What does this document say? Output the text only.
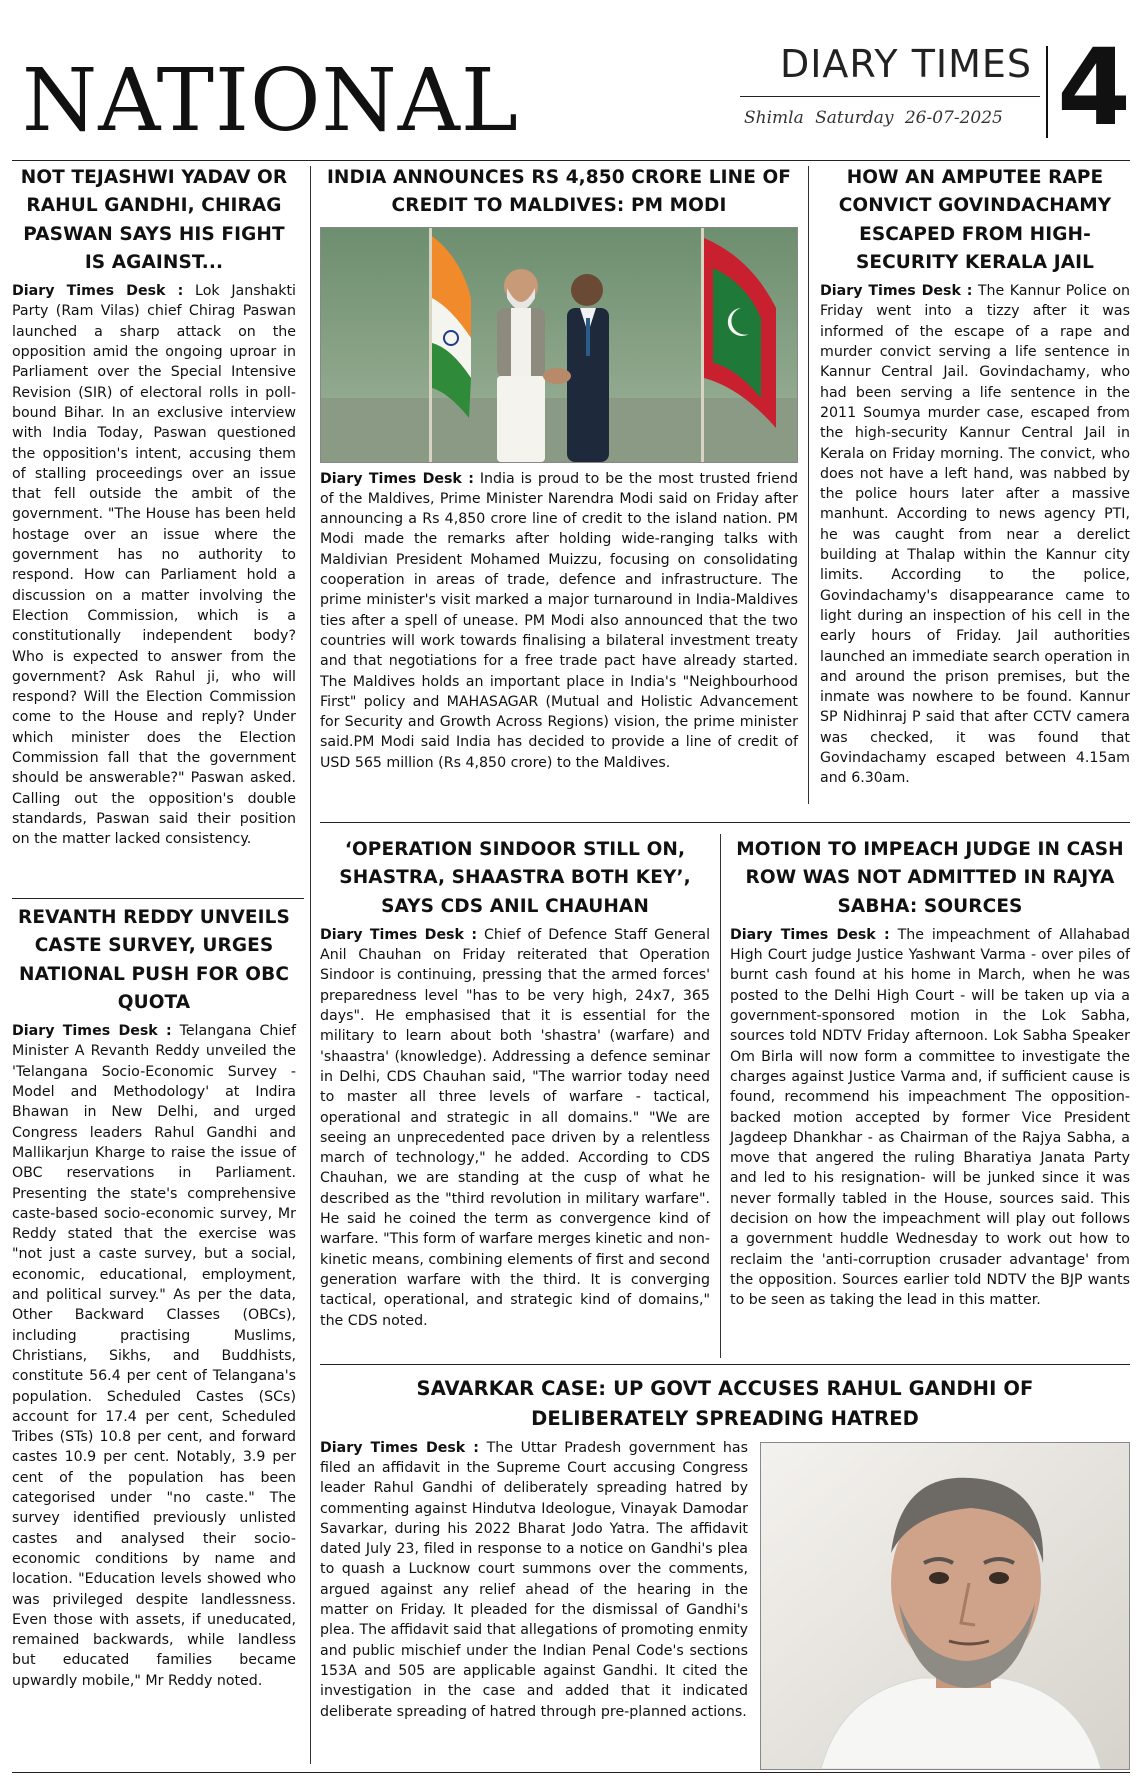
NATIONAL	DIARY TIMES
Shimla Saturday 26-07-2025 4
NOT TEJASHWI YADAV OR RAHUL GANDHI, CHIRAG PASWAN SAYS HIS FIGHT IS AGAINST...
Diary Times Desk : Lok Janshakti Party (Ram Vilas) chief Chirag Paswan launched a sharp attack on the opposition amid the ongoing uproar in Parliament over the Special Intensive Revision (SIR) of electoral rolls in poll-bound Bihar. In an exclusive interview with India Today, Paswan questioned the opposition's intent, accusing them of stalling proceedings over an issue that fell outside the ambit of the government. "The House has been held hostage over an issue where the government has no authority to respond. How can Parliament hold a discussion on a matter involving the Election Commission, which is a constitutionally independent body? Who is expected to answer from the government? Ask Rahul ji, who will respond? Will the Election Commission come to the House and reply? Under which minister does the Election Commission fall that the government should be answerable?" Paswan asked. Calling out the opposition's double standards, Paswan said their position on the matter lacked consistency.
REVANTH REDDY UNVEILS CASTE SURVEY, URGES NATIONAL PUSH FOR OBC QUOTA
Diary Times Desk : Telangana Chief Minister A Revanth Reddy unveiled the 'Telangana Socio-Economic Survey - Model and Methodology' at Indira Bhawan in New Delhi, and urged Congress leaders Rahul Gandhi and Mallikarjun Kharge to raise the issue of OBC reservations in Parliament. Presenting the state's comprehensive caste-based socio-economic survey, Mr Reddy stated that the exercise was "not just a caste survey, but a social, economic, educational, employment, and political survey." As per the data, Other Backward Classes (OBCs), including practising Muslims, Christians, Sikhs, and Buddhists, constitute 56.4 per cent of Telangana's population. Scheduled Castes (SCs) account for 17.4 per cent, Scheduled Tribes (STs) 10.8 per cent, and forward castes 10.9 per cent. Notably, 3.9 per cent of the population has been categorised under "no caste." The survey identified previously unlisted castes and analysed their socio-economic conditions by name and location. "Education levels showed who was privileged despite landlessness. Even those with assets, if uneducated, remained backwards, while landless but educated families became upwardly mobile," Mr Reddy noted.
INDIA ANNOUNCES RS 4,850 CRORE LINE OF CREDIT TO MALDIVES: PM MODI
Diary Times Desk : India is proud to be the most trusted friend of the Maldives, Prime Minister Narendra Modi said on Friday after announcing a Rs 4,850 crore line of credit to the island nation. PM Modi made the remarks after holding wide-ranging talks with Maldivian President Mohamed Muizzu, focusing on consolidating cooperation in areas of trade, defence and infrastructure. The prime minister's visit marked a major turnaround in India-Maldives ties after a spell of unease. PM Modi also announced that the two countries will work towards finalising a bilateral investment treaty and that negotiations for a free trade pact have already started. The Maldives holds an important place in India's "Neighbourhood First" policy and MAHASAGAR (Mutual and Holistic Advancement for Security and Growth Across Regions) vision, the prime minister said.PM Modi said India has decided to provide a line of credit of USD 565 million (Rs 4,850 crore) to the Maldives.
HOW AN AMPUTEE RAPE CONVICT GOVINDACHAMY ESCAPED FROM HIGH-SECURITY KERALA JAIL
Diary Times Desk : The Kannur Police on Friday went into a tizzy after it was informed of the escape of a rape and murder convict serving a life sentence in Kannur Central Jail. Govindachamy, who had been serving a life sentence in the 2011 Soumya murder case, escaped from the high-security Kannur Central Jail in Kerala on Friday morning. The convict, who does not have a left hand, was nabbed by the police hours later after a massive manhunt. According to news agency PTI, he was caught from near a derelict building at Thalap within the Kannur city limits. According to the police, Govindachamy's disappearance came to light during an inspection of his cell in the early hours of Friday. Jail authorities launched an immediate search operation in and around the prison premises, but the inmate was nowhere to be found. Kannur SP Nidhinraj P said that after CCTV camera was checked, it was found that Govindachamy escaped between 4.15am and 6.30am.
‘OPERATION SINDOOR STILL ON, SHASTRA, SHAASTRA BOTH KEY’, SAYS CDS ANIL CHAUHAN
Diary Times Desk : Chief of Defence Staff General Anil Chauhan on Friday reiterated that Operation Sindoor is continuing, pressing that the armed forces' preparedness level "has to be very high, 24x7, 365 days". He emphasised that it is essential for the military to learn about both 'shastra' (warfare) and 'shaastra' (knowledge). Addressing a defence seminar in Delhi, CDS Chauhan said, "The warrior today need to master all three levels of warfare - tactical, operational and strategic in all domains." "We are seeing an unprecedented pace driven by a relentless march of technology," he added. According to CDS Chauhan, we are standing at the cusp of what he described as the "third revolution in military warfare". He said he coined the term as convergence kind of warfare. "This form of warfare merges kinetic and non-kinetic means, combining elements of first and second generation warfare with the third. It is converging tactical, operational, and strategic kind of domains," the CDS noted.
MOTION TO IMPEACH JUDGE IN CASH ROW WAS NOT ADMITTED IN RAJYA SABHA: SOURCES
Diary Times Desk : The impeachment of Allahabad High Court judge Justice Yashwant Varma - over piles of burnt cash found at his home in March, when he was posted to the Delhi High Court - will be taken up via a government-sponsored motion in the Lok Sabha, sources told NDTV Friday afternoon. Lok Sabha Speaker Om Birla will now form a committee to investigate the charges against Justice Varma and, if sufficient cause is found, recommend his impeachment The opposition-backed motion accepted by former Vice President Jagdeep Dhankhar - as Chairman of the Rajya Sabha, a move that angered the ruling Bharatiya Janata Party and led to his resignation- will be junked since it was never formally tabled in the House, sources said. This decision on how the impeachment will play out follows a government huddle Wednesday to work out how to reclaim the 'anti-corruption crusader advantage' from the opposition. Sources earlier told NDTV the BJP wants to be seen as taking the lead in this matter.
SAVARKAR CASE: UP GOVT ACCUSES RAHUL GANDHI OF DELIBERATELY SPREADING HATRED
Diary Times Desk : The Uttar Pradesh government has filed an affidavit in the Supreme Court accusing Congress leader Rahul Gandhi of deliberately spreading hatred by commenting against Hindutva Ideologue, Vinayak Damodar Savarkar, during his 2022 Bharat Jodo Yatra. The affidavit dated July 23, filed in response to a notice on Gandhi's plea to quash a Lucknow court summons over the comments, argued against any relief ahead of the hearing in the matter on Friday. It pleaded for the dismissal of Gandhi's plea. The affidavit said that allegations of promoting enmity and public mischief under the Indian Penal Code's sections 153A and 505 are applicable against Gandhi. It cited the investigation in the case and added that it indicated deliberate spreading of hatred through pre-planned actions.
